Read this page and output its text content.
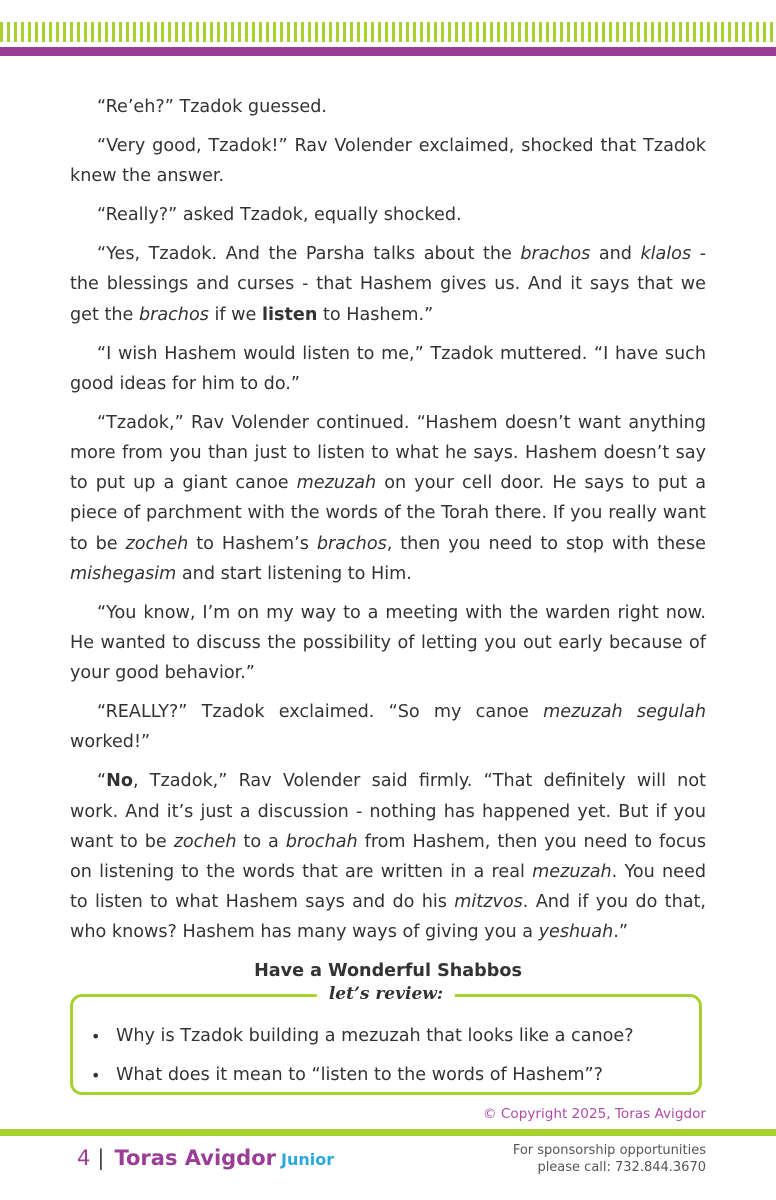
“Re’eh?” Tzadok guessed.

“Very good, Tzadok!” Rav Volender exclaimed, shocked that Tzadok knew the answer.

“Really?” asked Tzadok, equally shocked.

“Yes, Tzadok. And the Parsha talks about the brachos and klalos - the blessings and curses - that Hashem gives us. And it says that we get the brachos if we listen to Hashem.”

“I wish Hashem would listen to me,” Tzadok muttered. “I have such good ideas for him to do.”

“Tzadok,” Rav Volender continued. “Hashem doesn’t want anything more from you than just to listen to what he says. Hashem doesn’t say to put up a giant canoe mezuzah on your cell door. He says to put a piece of parchment with the words of the Torah there. If you really want to be zocheh to Hashem’s brachos, then you need to stop with these mishegasim and start listening to Him.

“You know, I’m on my way to a meeting with the warden right now. He wanted to discuss the possibility of letting you out early because of your good behavior.”

“REALLY?” Tzadok exclaimed. “So my canoe mezuzah segulah worked!”

“No, Tzadok,” Rav Volender said firmly. “That definitely will not work. And it’s just a discussion - nothing has happened yet. But if you want to be zocheh to a brochah from Hashem, then you need to focus on listening to the words that are written in a real mezuzah. You need to listen to what Hashem says and do his mitzvos. And if you do that, who knows? Hashem has many ways of giving you a yeshuah.”

Have a Wonderful Shabbos

let’s review:
• Why is Tzadok building a mezuzah that looks like a canoe?
• What does it mean to “listen to the words of Hashem”?
© Copyright 2025, Toras Avigdor
4 | Toras Avigdor Junior	For sponsorship opportunities
please call: 732.844.3670
